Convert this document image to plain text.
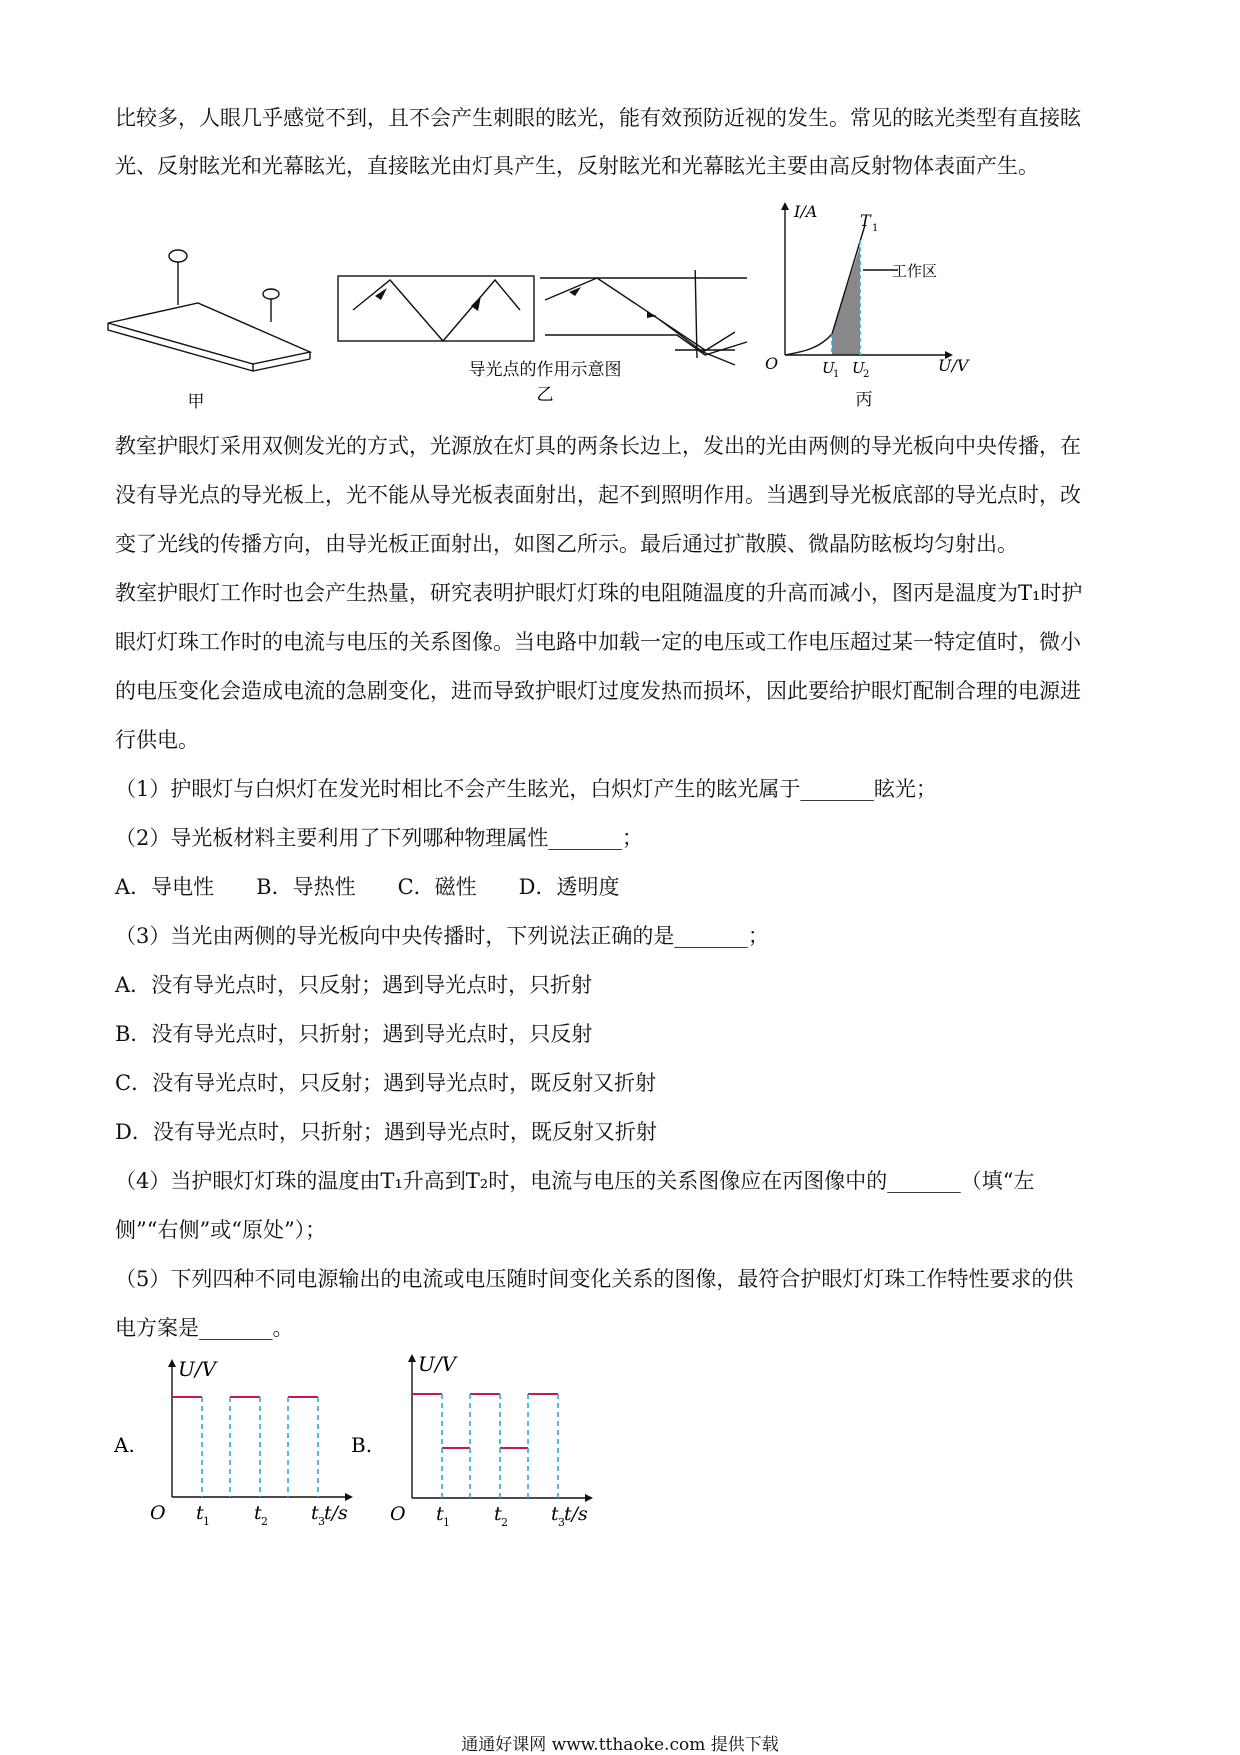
比较多，人眼几乎感觉不到，且不会产生刺眼的眩光，能有效预防近视的发生。常见的眩光类型有直接眩
光、反射眩光和光幕眩光，直接眩光由灯具产生，反射眩光和光幕眩光主要由高反射物体表面产生。
甲
导光点的作用示意图
乙
I/A	T 1
工作区
O	U
1 U
2	U/V
丙
教室护眼灯采用双侧发光的方式，光源放在灯具的两条长边上，发出的光由两侧的导光板向中央传播，在
没有导光点的导光板上，光不能从导光板表面射出，起不到照明作用。当遇到导光板底部的导光点时，改
变了光线的传播方向，由导光板正面射出，如图乙所示。最后通过扩散膜、微晶防眩板均匀射出。
教室护眼灯工作时也会产生热量，研究表明护眼灯灯珠的电阻随温度的升高而减小，图丙是温度为T₁时护
眼灯灯珠工作时的电流与电压的关系图像。当电路中加载一定的电压或工作电压超过某一特定值时，微小
的电压变化会造成电流的急剧变化，进而导致护眼灯过度发热而损坏，因此要给护眼灯配制合理的电源进
行供电。
（1）护眼灯与白炽灯在发光时相比不会产生眩光，白炽灯产生的眩光属于_______眩光；
（2）导光板材料主要利用了下列哪种物理属性_______；
A．导电性　　B．导热性　　C．磁性　　D．透明度
（3）当光由两侧的导光板向中央传播时，下列说法正确的是_______；
A．没有导光点时，只反射；遇到导光点时，只折射
B．没有导光点时，只折射；遇到导光点时，只反射
C．没有导光点时，只反射；遇到导光点时，既反射又折射
D．没有导光点时，只折射；遇到导光点时，既反射又折射
（4）当护眼灯灯珠的温度由T₁升高到T₂时，电流与电压的关系图像应在丙图像中的_______（填“左
侧”“右侧”或“原处”）；
（5）下列四种不同电源输出的电流或电压随时间变化关系的图像，最符合护眼灯灯珠工作特性要求的供
电方案是_______。
A.
U/V
O t 1 t 2 t 3 t/s
B.
U/V
O t 1 t 2 t 3 t/s
通通好课网 www.tthaoke.com 提供下载
